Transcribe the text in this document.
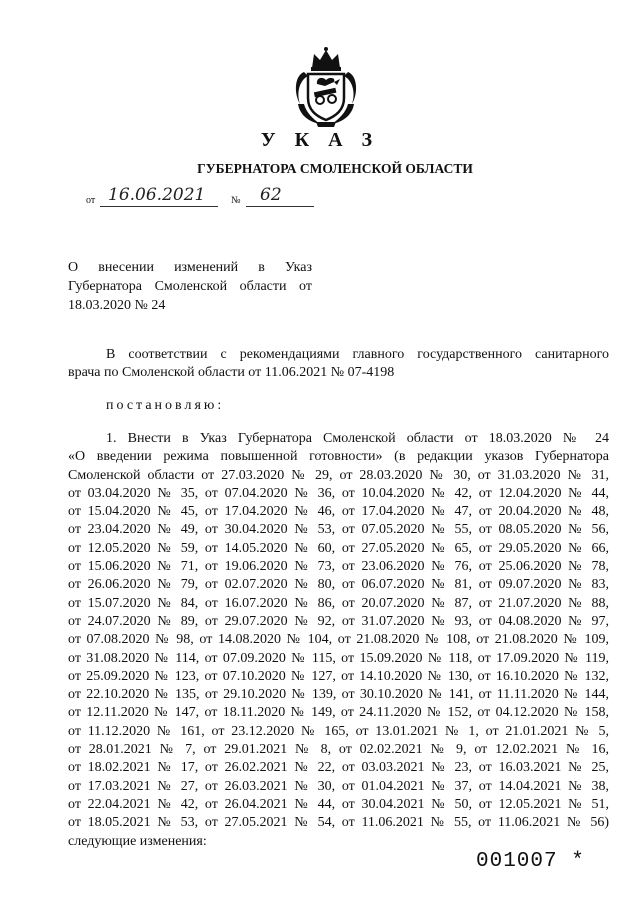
У К А З
ГУБЕРНАТОРА СМОЛЕНСКОЙ ОБЛАСТИ
от 16.06.2021	№ 62
О внесении изменений в Указ
Губернатора Смоленской области от
18.03.2020 № 24
В соответствии с рекомендациями главного государственного санитарного
врача по Смоленской области от 11.06.2021 № 07-4198
постановляю:
1. Внести в Указ Губернатора Смоленской области от 18.03.2020 № 24
«О введении режима повышенной готовности» (в редакции указов Губернатора
Смоленской области от 27.03.2020 № 29, от 28.03.2020 № 30, от 31.03.2020 № 31,
от 03.04.2020 № 35, от 07.04.2020 № 36, от 10.04.2020 № 42, от 12.04.2020 № 44,
от 15.04.2020 № 45, от 17.04.2020 № 46, от 17.04.2020 № 47, от 20.04.2020 № 48,
от 23.04.2020 № 49, от 30.04.2020 № 53, от 07.05.2020 № 55, от 08.05.2020 № 56,
от 12.05.2020 № 59, от 14.05.2020 № 60, от 27.05.2020 № 65, от 29.05.2020 № 66,
от 15.06.2020 № 71, от 19.06.2020 № 73, от 23.06.2020 № 76, от 25.06.2020 № 78,
от 26.06.2020 № 79, от 02.07.2020 № 80, от 06.07.2020 № 81, от 09.07.2020 № 83,
от 15.07.2020 № 84, от 16.07.2020 № 86, от 20.07.2020 № 87, от 21.07.2020 № 88,
от 24.07.2020 № 89, от 29.07.2020 № 92, от 31.07.2020 № 93, от 04.08.2020 № 97,
от 07.08.2020 № 98, от 14.08.2020 № 104, от 21.08.2020 № 108, от 21.08.2020 № 109,
от 31.08.2020 № 114, от 07.09.2020 № 115, от 15.09.2020 № 118, от 17.09.2020 № 119,
от 25.09.2020 № 123, от 07.10.2020 № 127, от 14.10.2020 № 130, от 16.10.2020 № 132,
от 22.10.2020 № 135, от 29.10.2020 № 139, от 30.10.2020 № 141, от 11.11.2020 № 144,
от 12.11.2020 № 147, от 18.11.2020 № 149, от 24.11.2020 № 152, от 04.12.2020 № 158,
от 11.12.2020 № 161, от 23.12.2020 № 165, от 13.01.2021 № 1, от 21.01.2021 № 5,
от 28.01.2021 № 7, от 29.01.2021 № 8, от 02.02.2021 № 9, от 12.02.2021 № 16,
от 18.02.2021 № 17, от 26.02.2021 № 22, от 03.03.2021 № 23, от 16.03.2021 № 25,
от 17.03.2021 № 27, от 26.03.2021 № 30, от 01.04.2021 № 37, от 14.04.2021 № 38,
от 22.04.2021 № 42, от 26.04.2021 № 44, от 30.04.2021 № 50, от 12.05.2021 № 51,
от 18.05.2021 № 53, от 27.05.2021 № 54, от 11.06.2021 № 55, от 11.06.2021 № 56)
следующие изменения:
001007 *
